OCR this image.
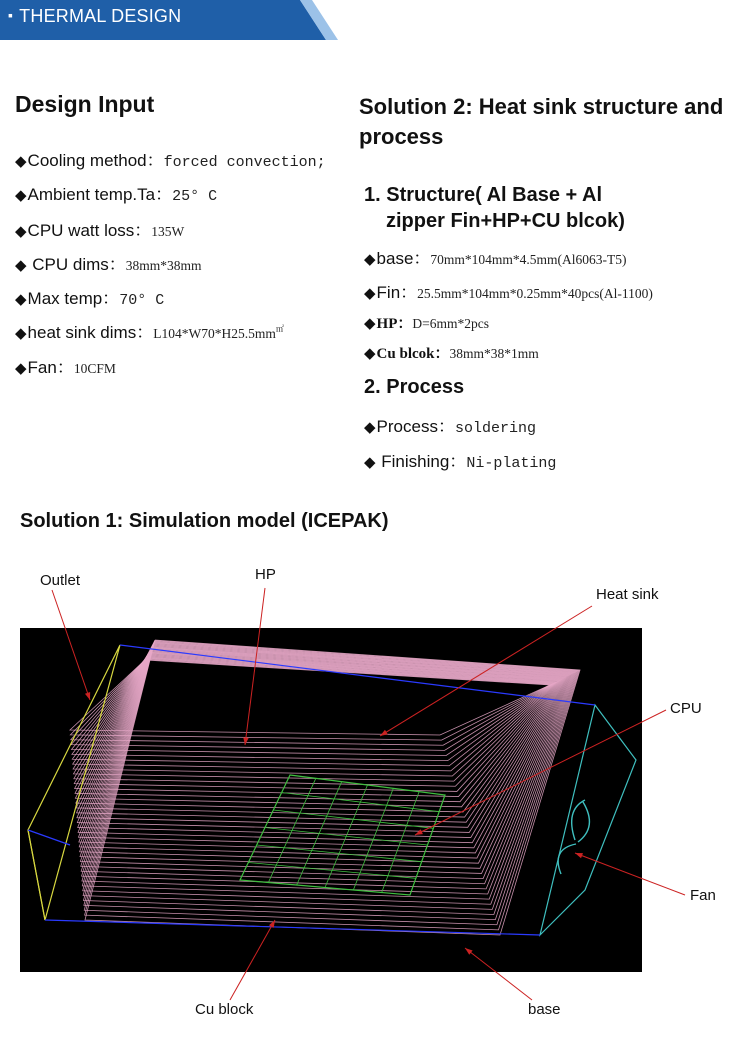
▪ THERMAL DESIGN
Design Input
◆Cooling method：forced convection;
◆Ambient temp.Ta：25° C
◆CPU watt loss：135W
◆ CPU dims：38mm*38mm
◆Max temp：70° C
◆heat sink dims：L104*W70*H25.5mm㎡
◆Fan：10CFM
Solution 2: Heat sink structure and process
1. Structure( Al Base + Al
zipper Fin+HP+CU blcok)
◆base：70mm*104mm*4.5mm(Al6063-T5)
◆Fin：25.5mm*104mm*0.25mm*40pcs(Al-1100)
◆HP：D=6mm*2pcs
◆Cu blcok：38mm*38*1mm
2. Process
◆Process：soldering
◆ Finishing：Ni-plating
Solution 1: Simulation model (ICEPAK)
Outlet	HP
Heat sink
CPU
Fan
Cu block	base
